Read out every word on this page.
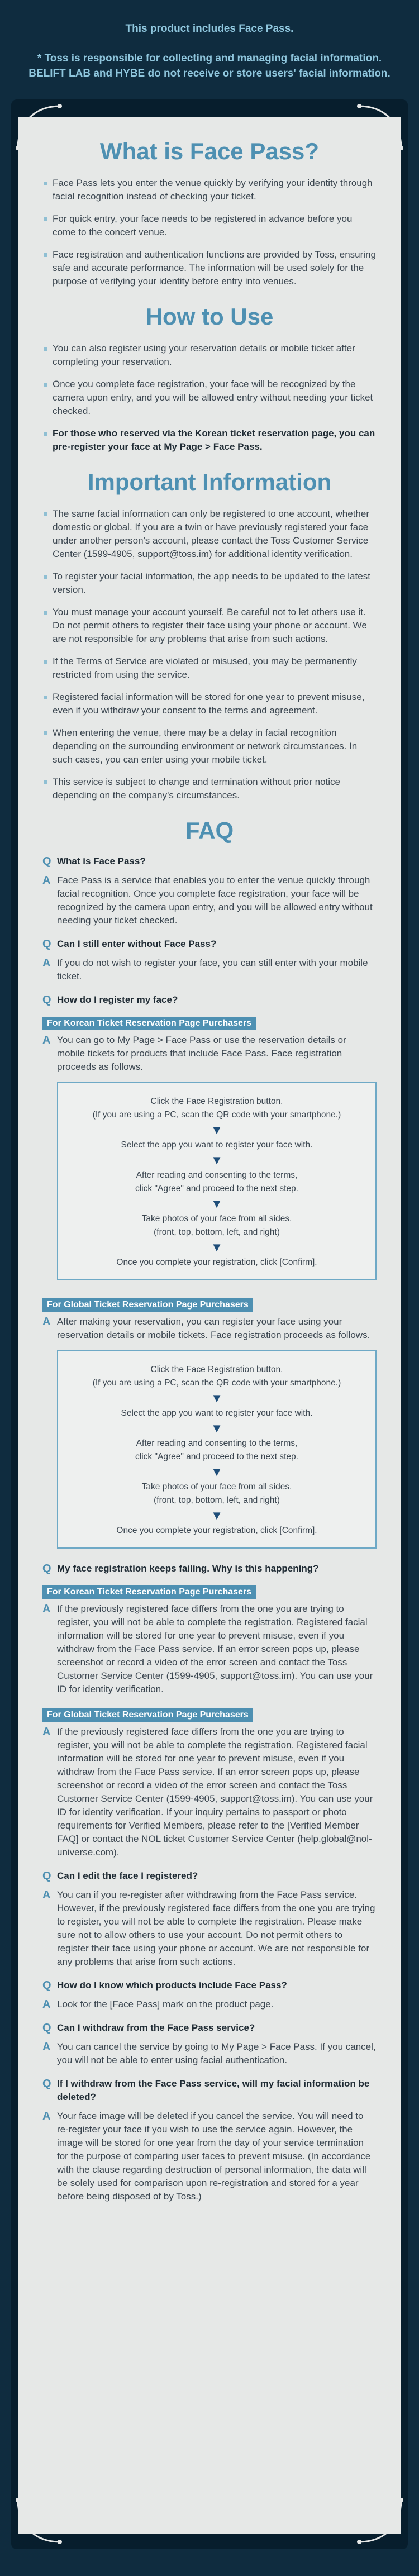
This product includes Face Pass.

* Toss is responsible for collecting and managing facial information.

BELIFT LAB and HYBE do not receive or store users' facial information.

What is Face Pass?
Face Pass lets you enter the venue quickly by verifying your identity through facial recognition instead of checking your ticket.
For quick entry, your face needs to be registered in advance before you come to the concert venue.
Face registration and authentication functions are provided by Toss, ensuring safe and accurate performance. The information will be used solely for the purpose of verifying your identity before entry into venues.
How to Use
You can also register using your reservation details or mobile ticket after completing your reservation.
Once you complete face registration, your face will be recognized by the camera upon entry, and you will be allowed entry without needing your ticket checked.
For those who reserved via the Korean ticket reservation page, you can pre-register your face at My Page > Face Pass.
Important Information
The same facial information can only be registered to one account, whether domestic or global. If you are a twin or have previously registered your face under another person's account, please contact the Toss Customer Service Center (1599-4905, support@toss.im) for additional identity verification.
To register your facial information, the app needs to be updated to the latest version.
You must manage your account yourself. Be careful not to let others use it. Do not permit others to register their face using your phone or account. We are not responsible for any problems that arise from such actions.
If the Terms of Service are violated or misused, you may be permanently restricted from using the service.
Registered facial information will be stored for one year to prevent misuse, even if you withdraw your consent to the terms and agreement.
When entering the venue, there may be a delay in facial recognition depending on the surrounding environment or network circumstances. In such cases, you can enter using your mobile ticket.
This service is subject to change and termination without prior notice depending on the company's circumstances.
FAQ
Q What is Face Pass?
A Face Pass is a service that enables you to enter the venue quickly through facial recognition. Once you complete face registration, your face will be recognized by the camera upon entry, and you will be allowed entry without needing your ticket checked.
Q Can I still enter without Face Pass?
A If you do not wish to register your face, you can still enter with your mobile ticket.
Q How do I register my face?
For Korean Ticket Reservation Page Purchasers
A You can go to My Page > Face Pass or use the reservation details or mobile tickets for products that include Face Pass. Face registration proceeds as follows.
Click the Face Registration button.
(If you are using a PC, scan the QR code with your smartphone.)
▼
Select the app you want to register your face with.
▼
After reading and consenting to the terms,
click "Agree" and proceed to the next step.
▼
Take photos of your face from all sides.
(front, top, bottom, left, and right)
▼
Once you complete your registration, click [Confirm].
For Global Ticket Reservation Page Purchasers
A After making your reservation, you can register your face using your reservation details or mobile tickets. Face registration proceeds as follows.
Click the Face Registration button.
(If you are using a PC, scan the QR code with your smartphone.)
▼
Select the app you want to register your face with.
▼
After reading and consenting to the terms,
click "Agree" and proceed to the next step.
▼
Take photos of your face from all sides.
(front, top, bottom, left, and right)
▼
Once you complete your registration, click [Confirm].
Q My face registration keeps failing. Why is this happening?
For Korean Ticket Reservation Page Purchasers
A If the previously registered face differs from the one you are trying to register, you will not be able to complete the registration. Registered facial information will be stored for one year to prevent misuse, even if you withdraw from the Face Pass service. If an error screen pops up, please screenshot or record a video of the error screen and contact the Toss Customer Service Center (1599-4905, support@toss.im). You can use your ID for identity verification.
For Global Ticket Reservation Page Purchasers
A If the previously registered face differs from the one you are trying to register, you will not be able to complete the registration. Registered facial information will be stored for one year to prevent misuse, even if you withdraw from the Face Pass service. If an error screen pops up, please screenshot or record a video of the error screen and contact the Toss Customer Service Center (1599-4905, support@toss.im). You can use your ID for identity verification. If your inquiry pertains to passport or photo requirements for Verified Members, please refer to the [Verified Member FAQ] or contact the NOL ticket Customer Service Center (help.global@nol-universe.com).
Q Can I edit the face I registered?
A You can if you re-register after withdrawing from the Face Pass service. However, if the previously registered face differs from the one you are trying to register, you will not be able to complete the registration. Please make sure not to allow others to use your account. Do not permit others to register their face using your phone or account. We are not responsible for any problems that arise from such actions.
Q How do I know which products include Face Pass?
A Look for the [Face Pass] mark on the product page.
Q Can I withdraw from the Face Pass service?
A You can cancel the service by going to My Page > Face Pass. If you cancel, you will not be able to enter using facial authentication.
Q If I withdraw from the Face Pass service, will my facial information be deleted?
A Your face image will be deleted if you cancel the service. You will need to re-register your face if you wish to use the service again. However, the image will be stored for one year from the day of your service termination for the purpose of comparing user faces to prevent misuse. (In accordance with the clause regarding destruction of personal information, the data will be solely used for comparison upon re-registration and stored for a year before being disposed of by Toss.)
